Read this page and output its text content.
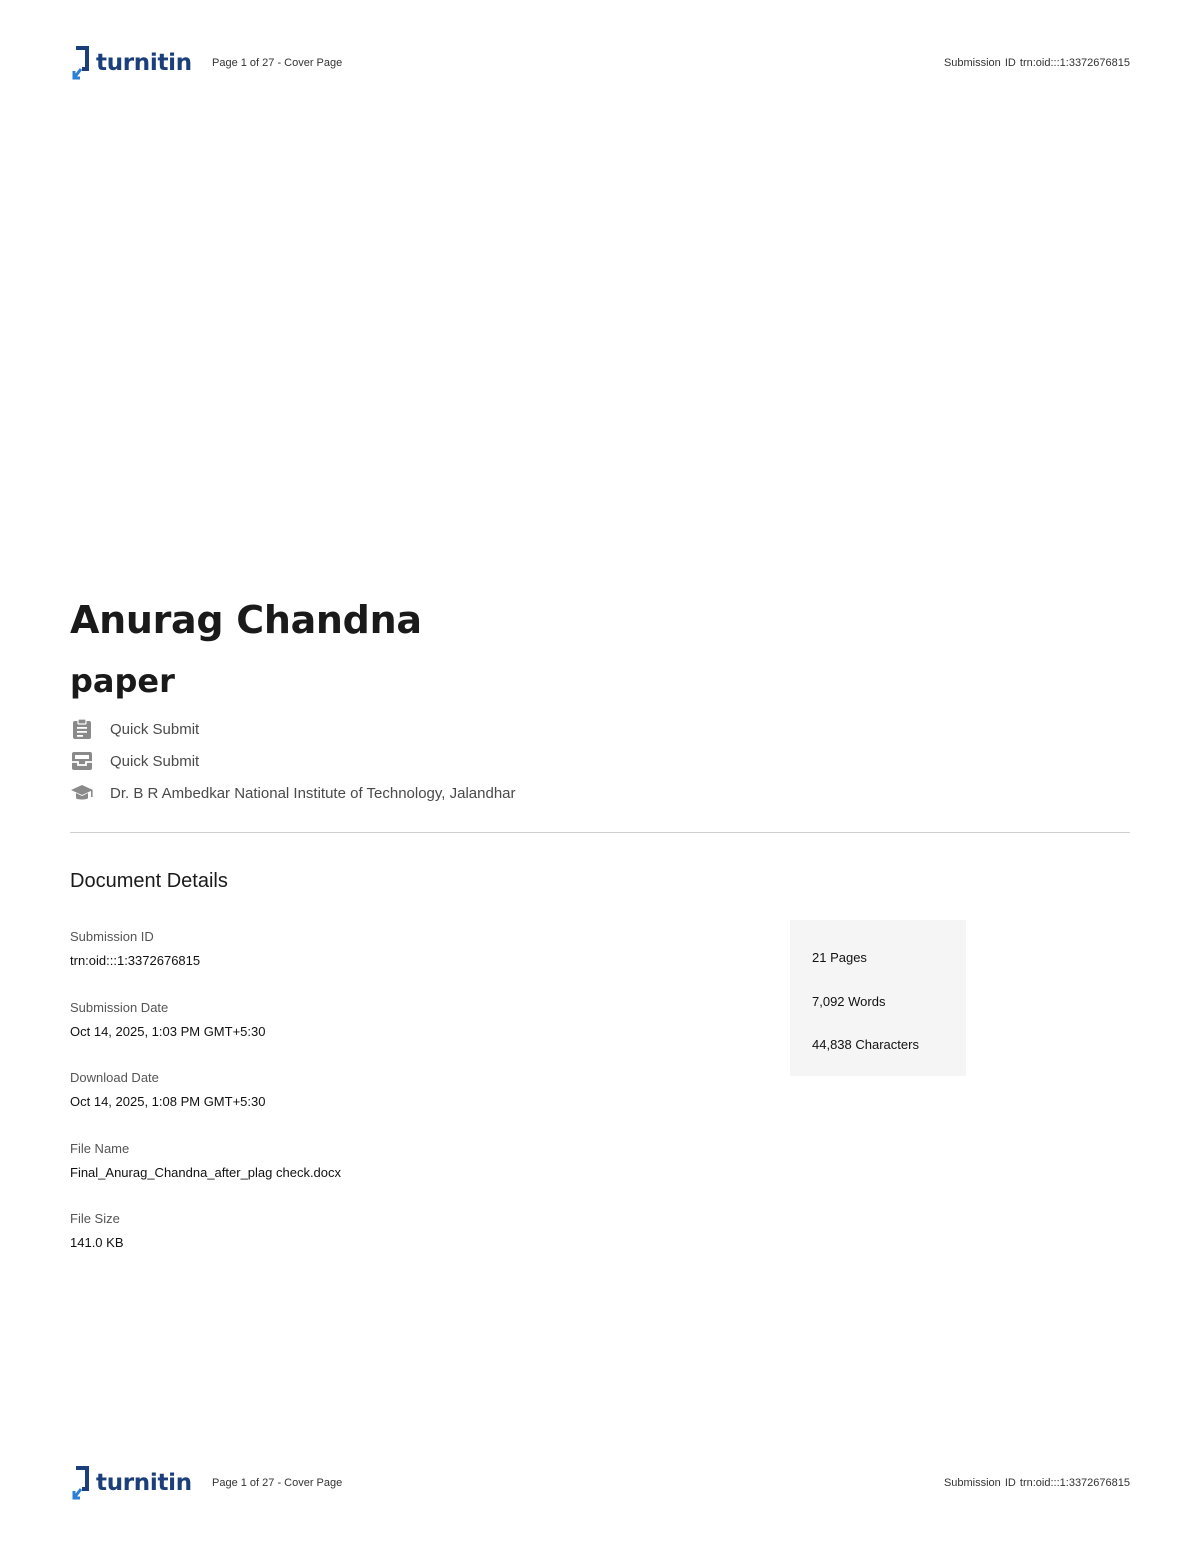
turnitin Page 1 of 27 - Cover Page	Submission ID trn:oid:::1:3372676815
Anurag Chandna
paper
Quick Submit
Quick Submit
Dr. B R Ambedkar National Institute of Technology, Jalandhar
Document Details
Submission ID
trn:oid:::1:3372676815
Submission Date
Oct 14, 2025, 1:03 PM GMT+5:30
Download Date
Oct 14, 2025, 1:08 PM GMT+5:30
File Name
Final_Anurag_Chandna_after_plag check.docx
File Size
141.0 KB
21 Pages
7,092 Words
44,838 Characters
turnitin Page 1 of 27 - Cover Page	Submission ID trn:oid:::1:3372676815
